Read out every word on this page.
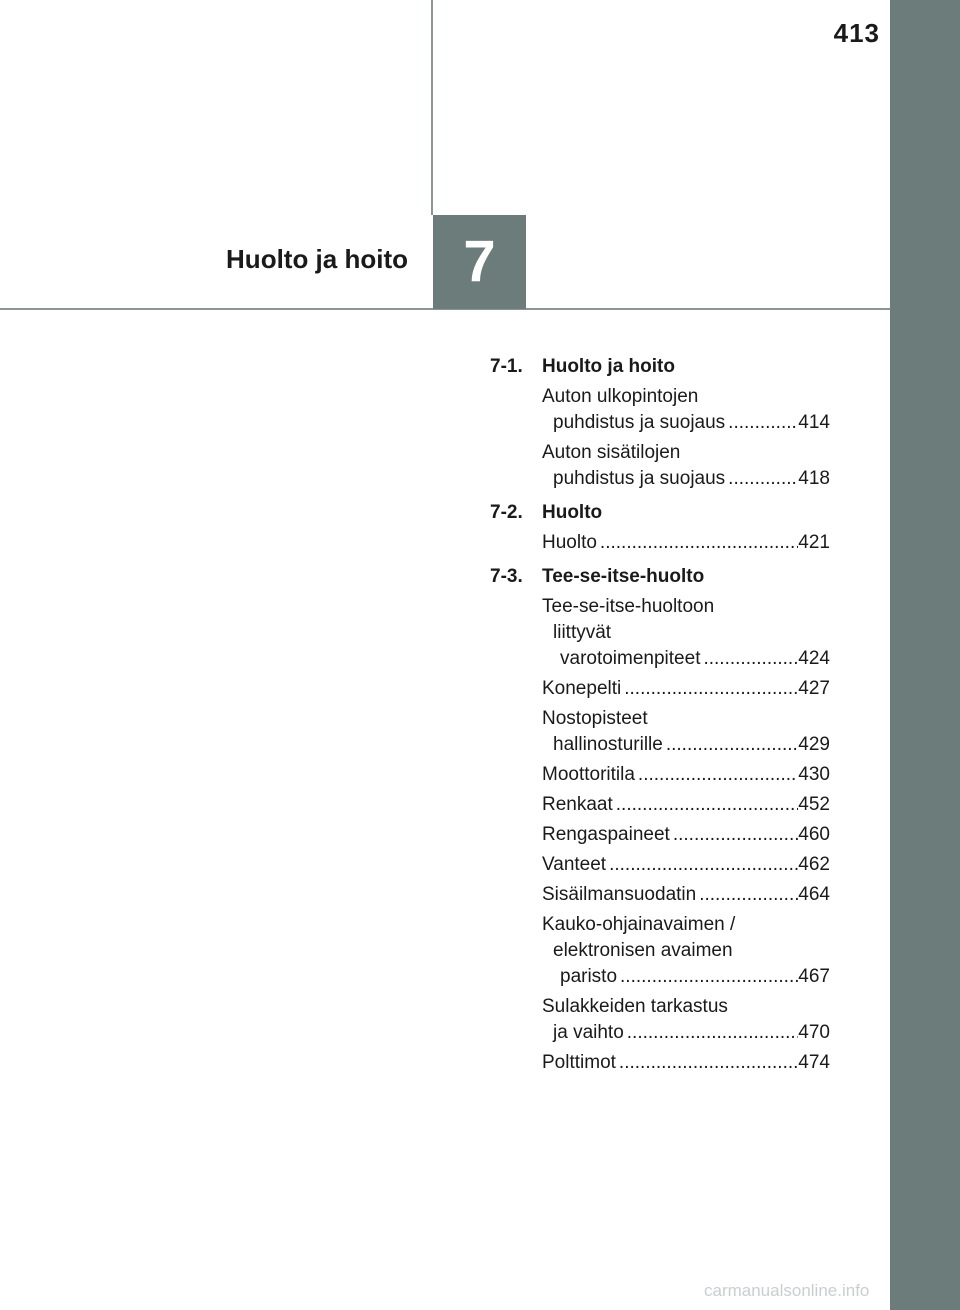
413
Huolto ja hoito 7
7-1.	Huolto ja hoito
Auton ulkopintojen
puhdistus ja suojaus .....	414
Auton sisätilojen
puhdistus ja suojaus .....	418
7-2.	Huolto
Huolto .....	421
7-3.	Tee-se-itse-huolto
Tee-se-itse-huoltoon
liittyvät
varotoimenpiteet .....	424
Konepelti .....	427
Nostopisteet
hallinosturille .....	429
Moottoritila .....	430
Renkaat .....	452
Rengaspaineet .....	460
Vanteet .....	462
Sisäilmansuodatin .....	464
Kauko-ohjainavaimen /
elektronisen avaimen
paristo .....	467
Sulakkeiden tarkastus
ja vaihto .....	470
Polttimot .....	474
carmanualsonline.info
